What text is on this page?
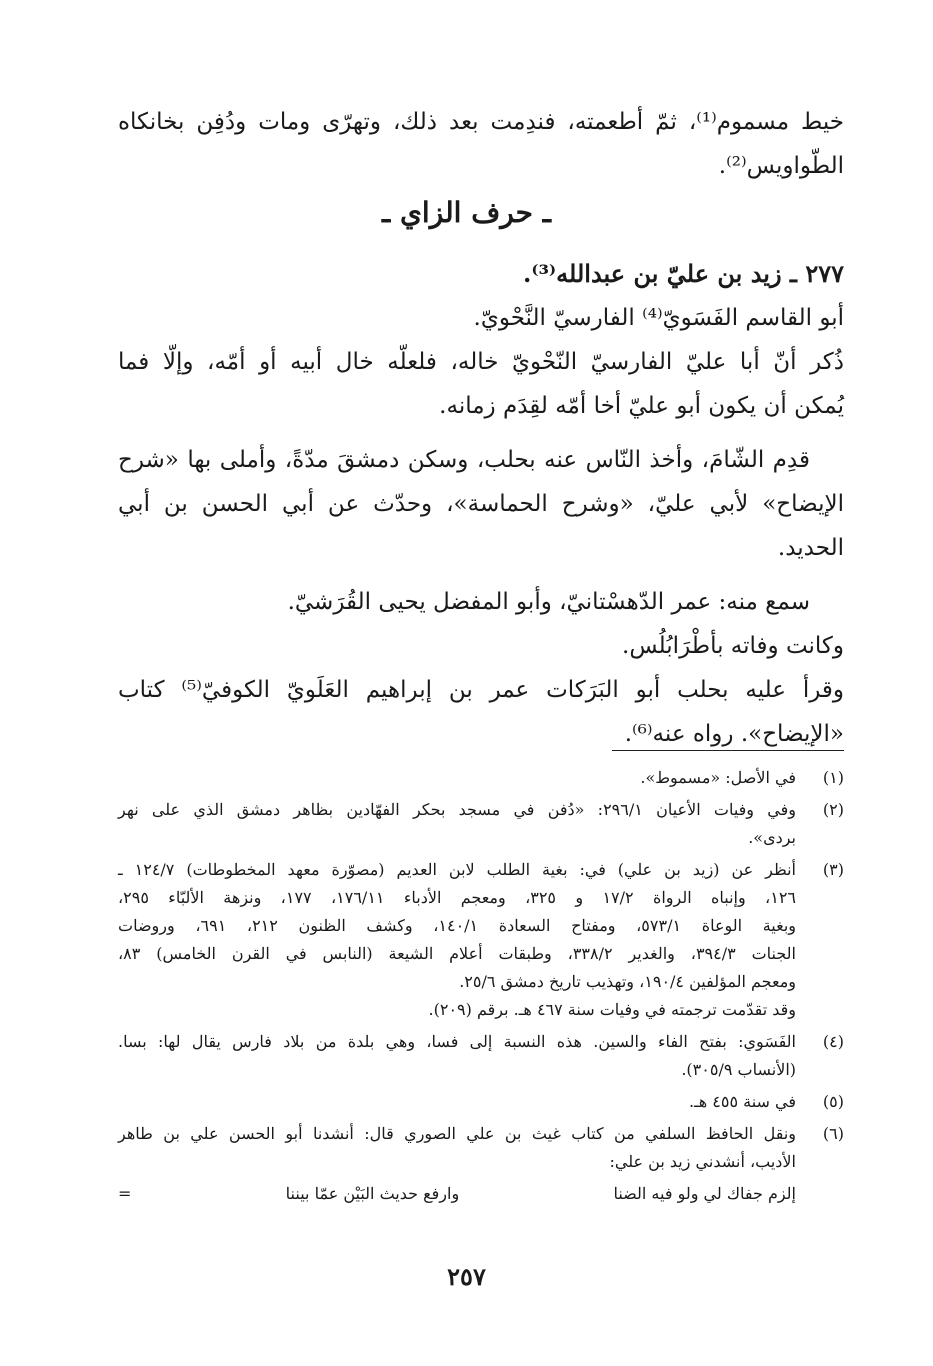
خيط مسموم⁽¹⁾، ثمّ أطعمته، فندِمت بعد ذلك، وتهرّى ومات ودُفِن بخانكاه
الطّواويس⁽²⁾.
ـ حرف الزاي ـ
٢٧٧ ـ زيد بن عليّ بن عبدالله⁽³⁾.
أبو القاسم الفَسَويّ⁽⁴⁾ الفارسيّ النَّحْويّ.
ذُكر أنّ أبا عليّ الفارسيّ النّحْويّ خاله، فلعلّه خال أبيه أو أمّه، وإلّا فما
يُمكن أن يكون أبو عليّ أخا أمّه لقِدَم زمانه.
قدِم الشّامَ، وأخذ النّاس عنه بحلب، وسكن دمشقَ مدّةً، وأملى بها «شرح
الإيضاح» لأبي عليّ، «وشرح الحماسة»، وحدّث عن أبي الحسن بن أبي
الحديد.
سمع منه: عمر الدّهسْتانيّ، وأبو المفضل يحيى القُرَشيّ.
وكانت وفاته بأطْرَابُلُس.
وقرأ عليه بحلب أبو البَرَكات عمر بن إبراهيم العَلَويّ الكوفيّ⁽⁵⁾ كتاب
«الإيضاح». رواه عنه⁽⁶⁾.
(١)
في الأصل: «مسموط».
(٢)
وفي وفيات الأعيان ٢٩٦/١: «دُفن في مسجد بحكر الفهّادين بظاهر دمشق الذي على نهر
بردى».
(٣)
أنظر عن (زيد بن علي) في: بغية الطلب لابن العديم (مصوّرة معهد المخطوطات) ١٢٤/٧ ـ
١٢٦، وإنباه الرواة ١٧/٢ و ٣٢٥، ومعجم الأدباء ١٧٦/١١، ١٧٧، ونزهة الألبّاء ٢٩٥،
وبغية الوعاة ٥٧٣/١، ومفتاح السعادة ١٤٠/١، وكشف الظنون ٢١٢، ٦٩١، وروضات
الجنات ٣٩٤/٣، والغدير ٣٣٨/٢، وطبقات أعلام الشيعة (النابس في القرن الخامس) ٨٣،
ومعجم المؤلفين ١٩٠/٤، وتهذيب تاريخ دمشق ٢٥/٦.
وقد تقدّمت ترجمته في وفيات سنة ٤٦٧ هـ. برقم (٢٠٩).
(٤)
الفَسَوي: بفتح الفاء والسين. هذه النسبة إلى فسا، وهي بلدة من بلاد فارس يقال لها: بسا.
(الأنساب ٣٠٥/٩).
(٥)
في سنة ٤٥٥ هـ.
(٦)
ونقل الحافظ السلفي من كتاب غيث بن علي الصوري قال: أنشدنا أبو الحسن علي بن طاهر
الأديب، أنشدني زيد بن علي:
إلزم جفاك لي ولو فيه الضنا
وارفع حديث البَيْن عمّا بيننا
=
٢٥٧
